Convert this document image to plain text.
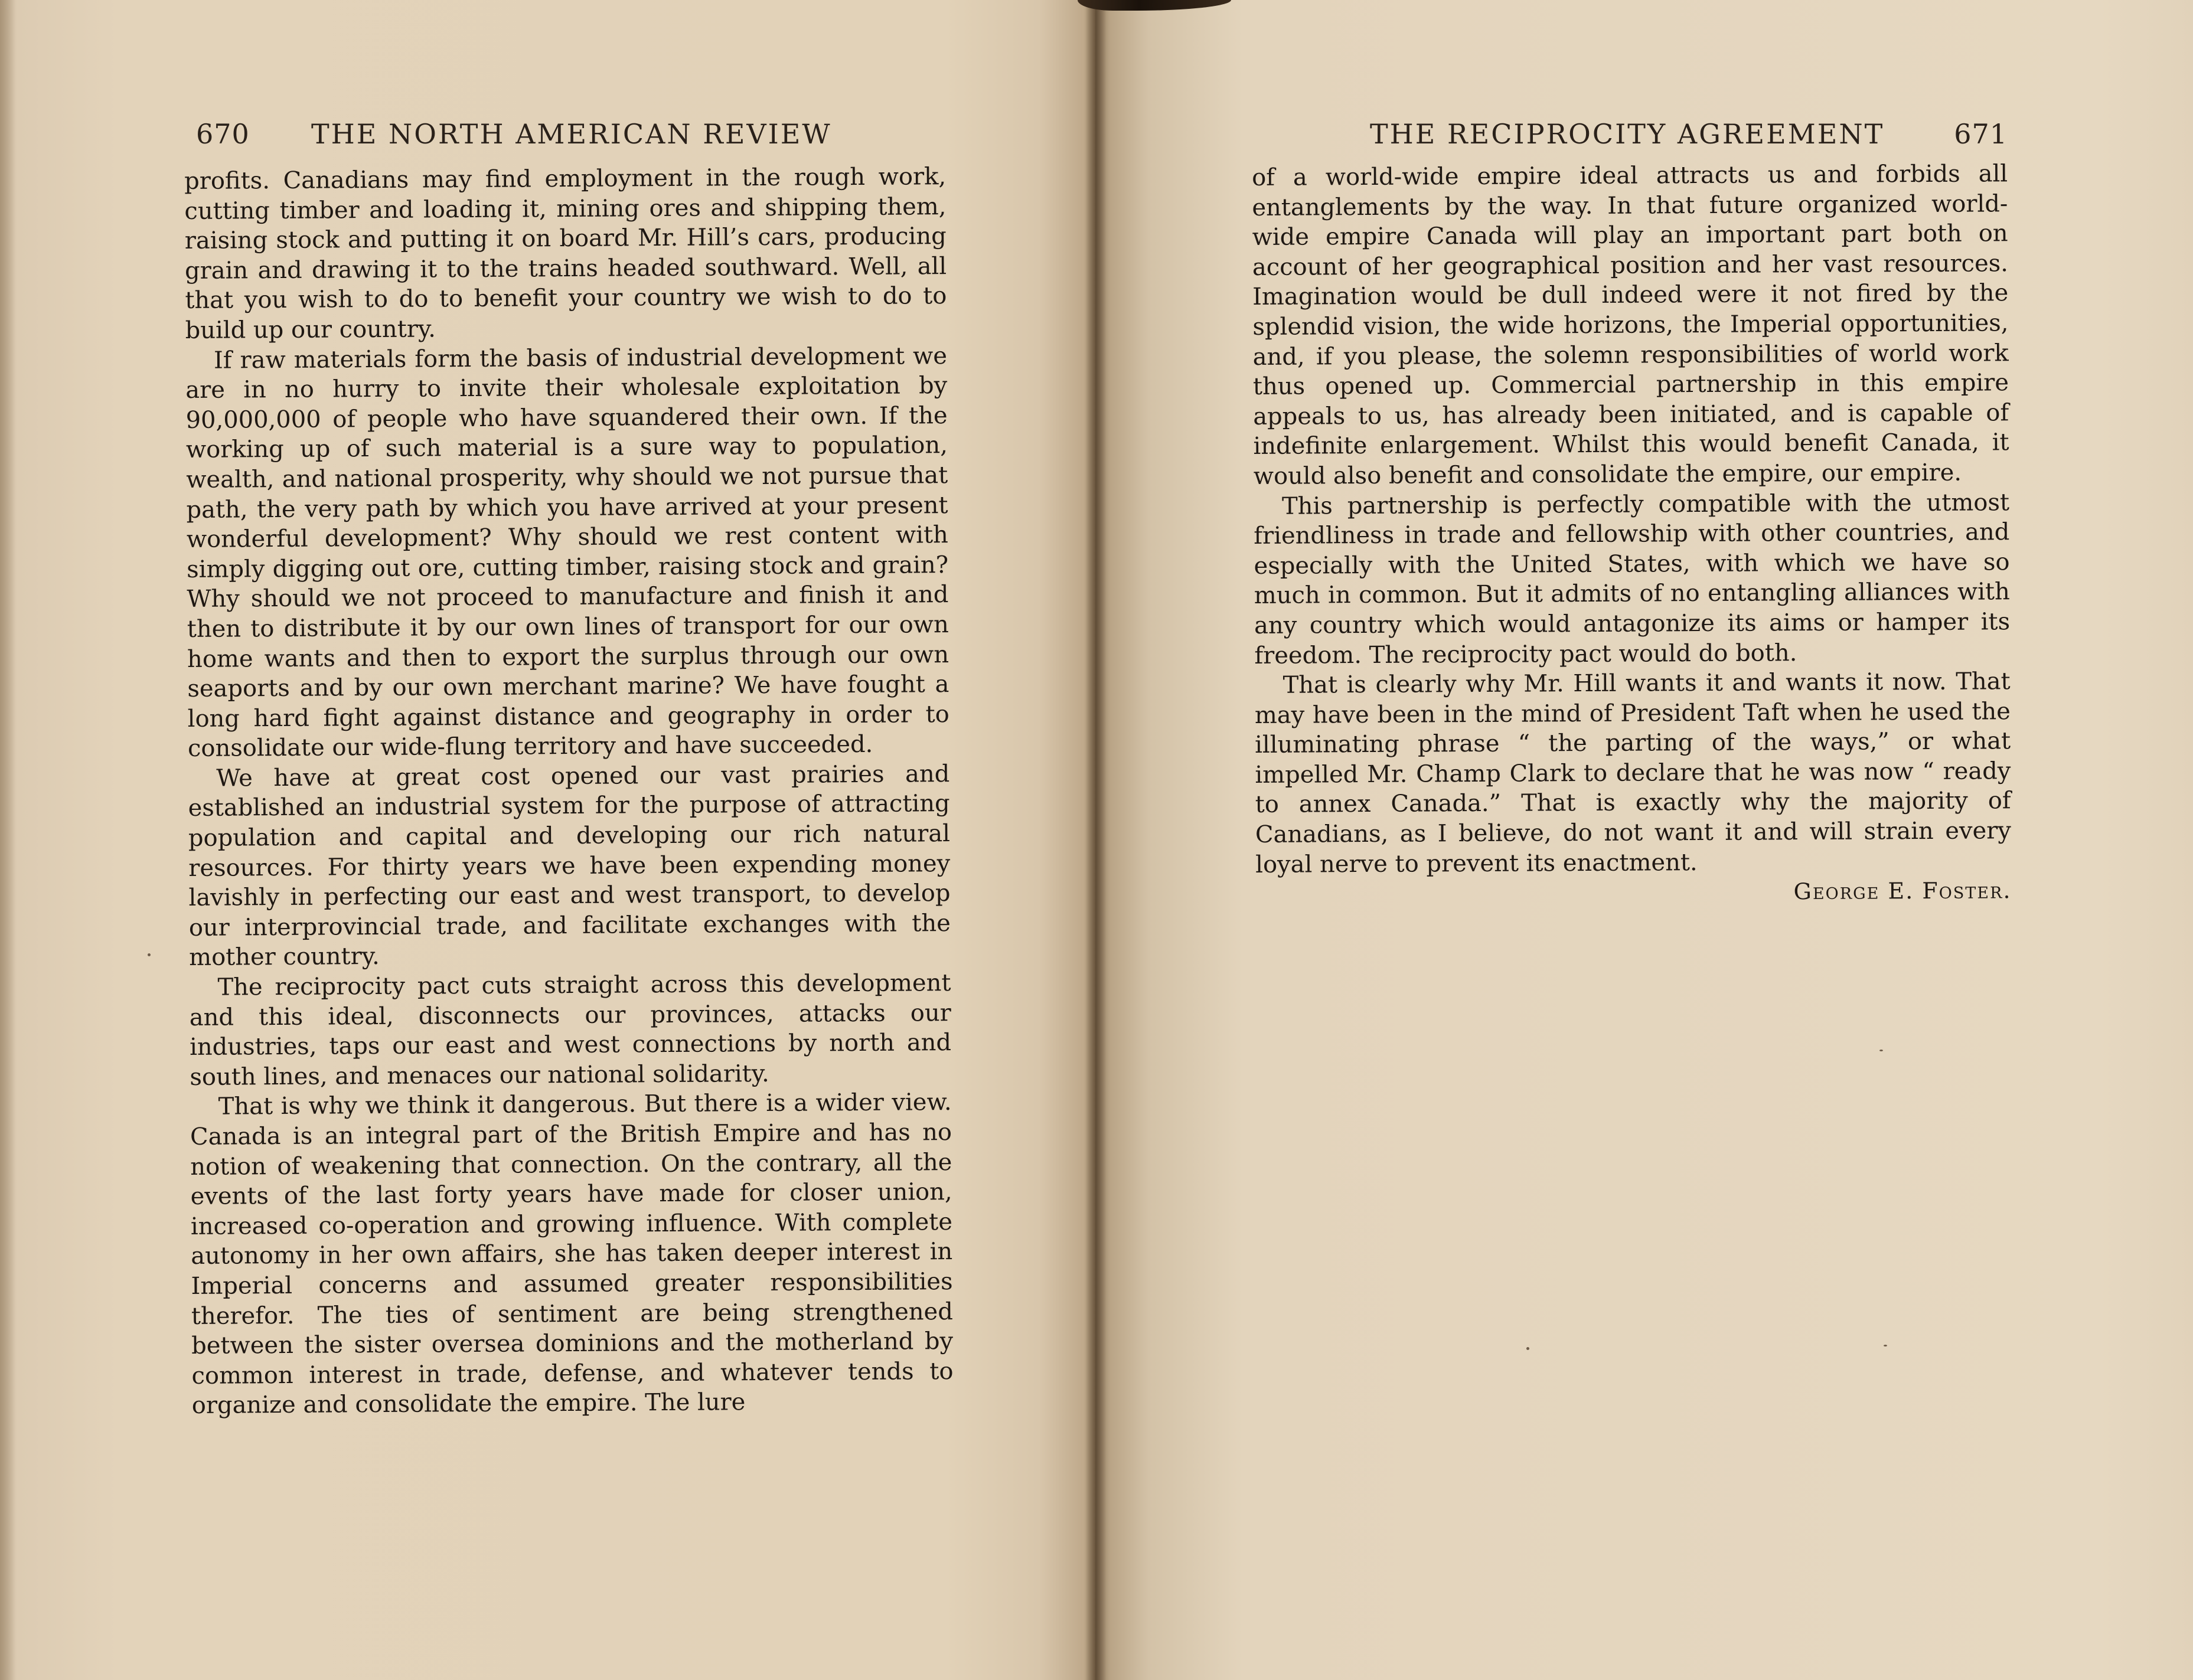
670 THE NORTH AMERICAN REVIEW

profits. Canadians may find employment in the rough work, cutting timber and loading it, mining ores and shipping them, raising stock and putting it on board Mr. Hill’s cars, producing grain and drawing it to the trains headed southward. Well, all that you wish to do to benefit your country we wish to do to build up our country.

If raw materials form the basis of industrial development we are in no hurry to invite their wholesale exploitation by 90,000,000 of people who have squandered their own. If the working up of such material is a sure way to population, wealth, and national prosperity, why should we not pursue that path, the very path by which you have arrived at your present wonderful development? Why should we rest content with simply digging out ore, cutting timber, raising stock and grain? Why should we not proceed to manufacture and finish it and then to distribute it by our own lines of transport for our own home wants and then to export the surplus through our own seaports and by our own merchant marine? We have fought a long hard fight against distance and geography in order to consolidate our wide-flung territory and have succeeded.

We have at great cost opened our vast prairies and established an industrial system for the purpose of attracting population and capital and developing our rich natural resources. For thirty years we have been expending money lavishly in perfecting our east and west transport, to develop our interprovincial trade, and facilitate exchanges with the mother country.

The reciprocity pact cuts straight across this development and this ideal, disconnects our provinces, attacks our industries, taps our east and west connections by north and south lines, and menaces our national solidarity.

That is why we think it dangerous. But there is a wider view. Canada is an integral part of the British Empire and has no notion of weakening that connection. On the contrary, all the events of the last forty years have made for closer union, increased co-operation and growing influence. With complete autonomy in her own affairs, she has taken deeper interest in Imperial concerns and assumed greater responsibilities therefor. The ties of sentiment are being strengthened between the sister oversea dominions and the motherland by common interest in trade, defense, and whatever tends to organize and consolidate the empire. The lure

THE RECIPROCITY AGREEMENT	671

of a world-wide empire ideal attracts us and forbids all entanglements by the way. In that future organized world-wide empire Canada will play an important part both on account of her geographical position and her vast resources. Imagination would be dull indeed were it not fired by the splendid vision, the wide horizons, the Imperial opportunities, and, if you please, the solemn responsibilities of world work thus opened up. Commercial partnership in this empire appeals to us, has already been initiated, and is capable of indefinite enlargement. Whilst this would benefit Canada, it would also benefit and consolidate the empire, our empire.

This partnership is perfectly compatible with the utmost friendliness in trade and fellowship with other countries, and especially with the United States, with which we have so much in common. But it admits of no entangling alliances with any country which would antagonize its aims or hamper its freedom. The reciprocity pact would do both.

That is clearly why Mr. Hill wants it and wants it now. That may have been in the mind of President Taft when he used the illuminating phrase “ the parting of the ways,” or what impelled Mr. Champ Clark to declare that he was now “ ready to annex Canada.” That is exactly why the majority of Canadians, as I believe, do not want it and will strain every loyal nerve to prevent its enactment.

George E. Foster.
